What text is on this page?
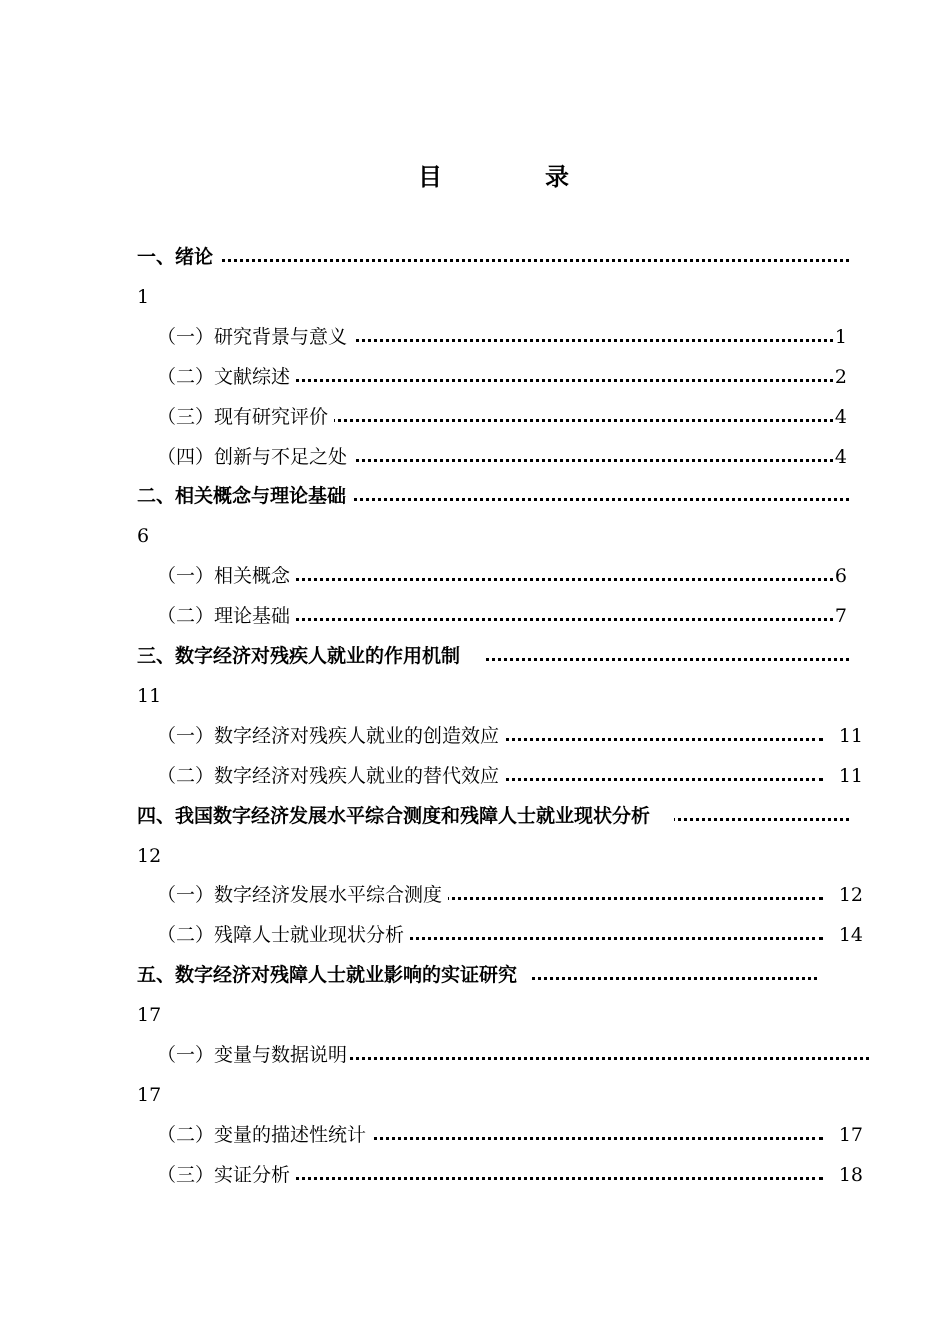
目	录
一、绪论
1
（一）研究背景与意义	1
（二）文献综述	2
（三）现有研究评价	4
（四）创新与不足之处	4
二、相关概念与理论基础
6
（一）相关概念	6
（二）理论基础	7
三、数字经济对残疾人就业的作用机制
11
（一）数字经济对残疾人就业的创造效应	11
（二）数字经济对残疾人就业的替代效应	11
四、我国数字经济发展水平综合测度和残障人士就业现状分析
12
（一）数字经济发展水平综合测度	12
（二）残障人士就业现状分析	14
五、数字经济对残障人士就业影响的实证研究
17
（一）变量与数据说明
17
（二）变量的描述性统计	17
（三）实证分析	18
